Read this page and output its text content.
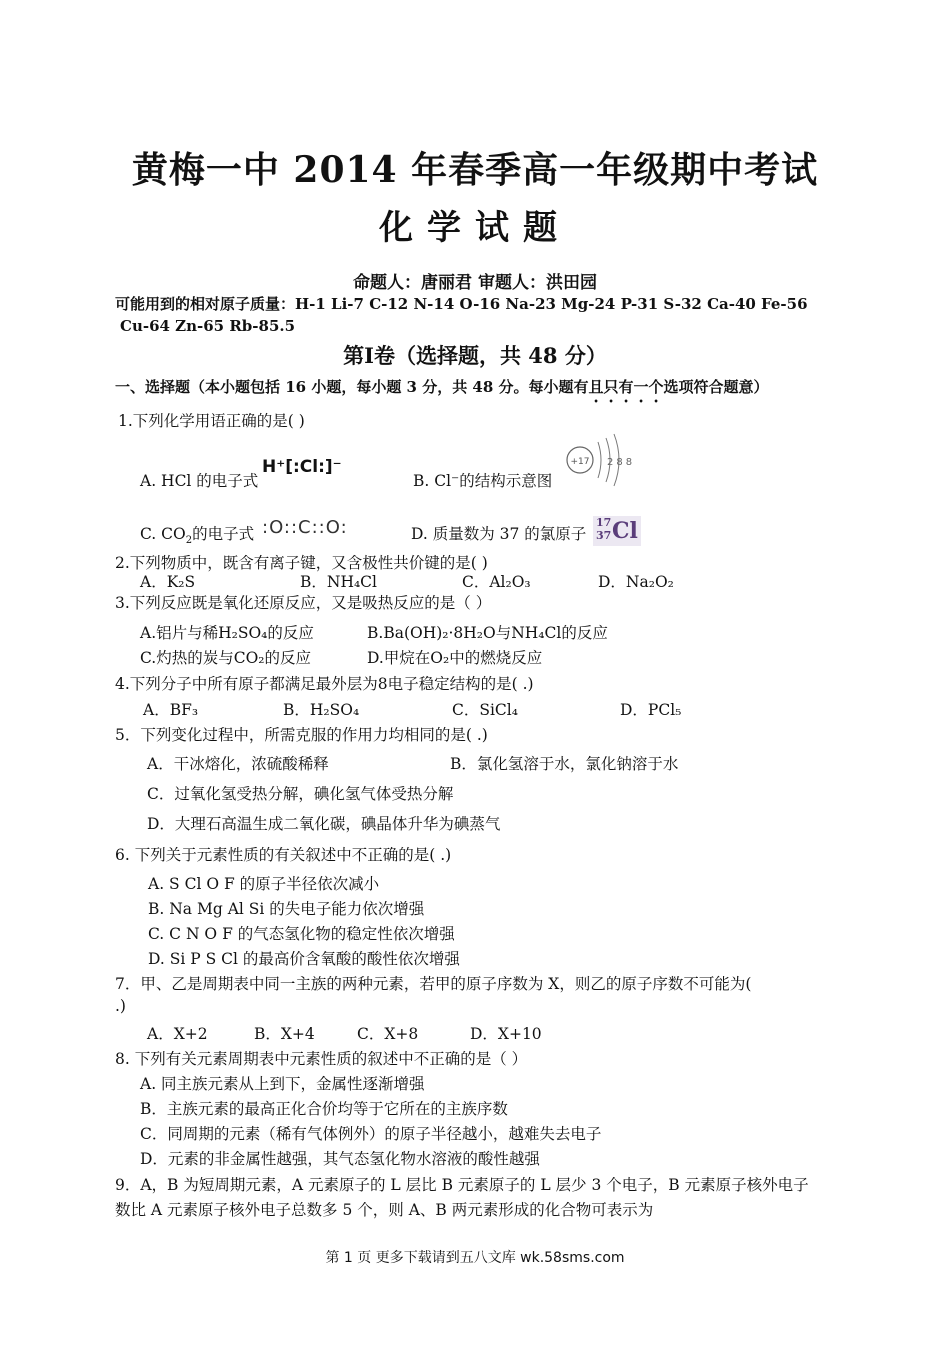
黄梅一中 2014 年春季高一年级期中考试
化学试题
命题人：唐丽君 审题人：洪田园
可能用到的相对原子质量：H-1 Li-7 C-12 N-14 O-16 Na-23 Mg-24 P-31 S-32 Ca-40 Fe-56
Cu-64 Zn-65 Rb-85.5
第Ⅰ卷（选择题，共 48 分）
一、选择题（本小题包括 16 小题，每小题 3 分，共 48 分。每小题有且只有一个选项符合题意）
1.下列化学用语正确的是( )
A. HCl 的电子式
H⁺[:Cl:]⁻
B. Cl⁻的结构示意图
+17 288
C. $CO_2$的电子式 :O::C::O:	D. 质量数为 37 的氯原子
17
37 Cl
2.下列物质中，既含有离子键，又含极性共价键的是( )
A．K₂S	B．NH₄Cl	C．Al₂O₃	D．Na₂O₂
3.下列反应既是氧化还原反应，又是吸热反应的是（ ）
A.铝片与稀H₂SO₄的反应	B.Ba(OH)₂·8H₂O与NH₄Cl的反应
C.灼热的炭与CO₂的反应	D.甲烷在O₂中的燃烧反应
4.下列分子中所有原子都满足最外层为8电子稳定结构的是( .)
A．BF₃	B．H₂SO₄	C．SiCl₄	D．PCl₅
5．下列变化过程中，所需克服的作用力均相同的是( .)
A．干冰熔化，浓硫酸稀释	B．氯化氢溶于水，氯化钠溶于水
C．过氧化氢受热分解，碘化氢气体受热分解
D．大理石高温生成二氧化碳，碘晶体升华为碘蒸气
6. 下列关于元素性质的有关叙述中不正确的是( .)
A. S Cl O F 的原子半径依次减小
B. Na Mg Al Si 的失电子能力依次增强
C. C N O F 的气态氢化物的稳定性依次增强
D. Si P S Cl 的最高价含氧酸的酸性依次增强
7．甲、乙是周期表中同一主族的两种元素，若甲的原子序数为 X，则乙的原子序数不可能为(
.)
A．X+2	B．X+4	C．X+8	D．X+10
8. 下列有关元素周期表中元素性质的叙述中不正确的是（ ）
A. 同主族元素从上到下，金属性逐渐增强
B．主族元素的最高正化合价均等于它所在的主族序数
C．同周期的元素（稀有气体例外）的原子半径越小，越难失去电子
D．元素的非金属性越强，其气态氢化物水溶液的酸性越强
9．A，B 为短周期元素，A 元素原子的 L 层比 B 元素原子的 L 层少 3 个电子，B 元素原子核外电子
数比 A 元素原子核外电子总数多 5 个，则 A、B 两元素形成的化合物可表示为
第 1 页 更多下载请到五八文库 wk.58sms.com
